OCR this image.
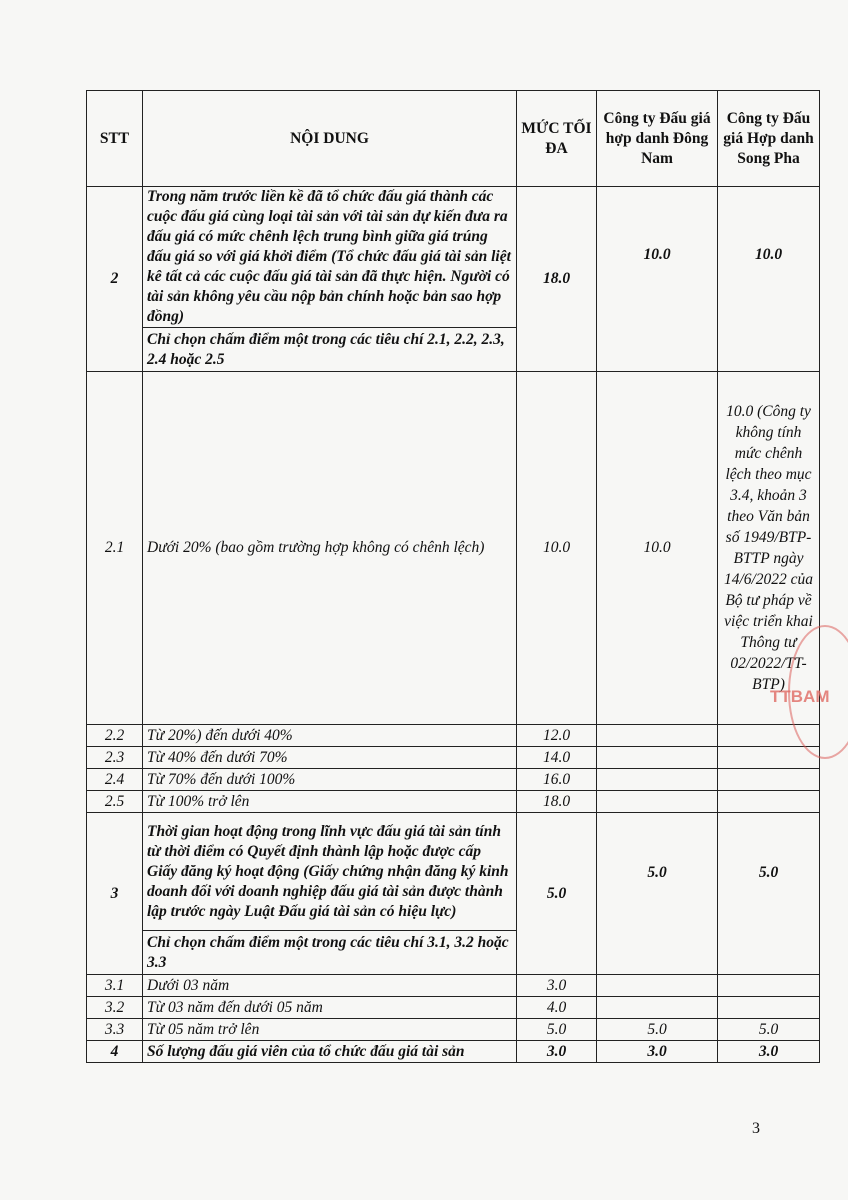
STT	NỘI DUNG	MỨC TỐI ĐA	Công ty Đấu giá hợp danh Đông Nam	Công ty Đấu giá Hợp danh Song Pha
2	Trong năm trước liền kề đã tổ chức đấu giá thành các cuộc đấu giá cùng loại tài sản với tài sản dự kiến đưa ra đấu giá có mức chênh lệch trung bình giữa giá trúng đấu giá so với giá khởi điểm (Tổ chức đấu giá tài sản liệt kê tất cả các cuộc đấu giá tài sản đã thực hiện. Người có tài sản không yêu cầu nộp bản chính hoặc bản sao hợp đồng)	18.0	10.0	10.0
	Chỉ chọn chấm điểm một trong các tiêu chí 2.1, 2.2, 2.3, 2.4 hoặc 2.5			
2.1	Dưới 20% (bao gồm trường hợp không có chênh lệch)	10.0	10.0	10.0 (Công ty không tính mức chênh lệch theo mục 3.4, khoản 3 theo Văn bản số 1949/BTP-BTTP ngày 14/6/2022 của Bộ tư pháp về việc triển khai Thông tư 02/2022/TT-BTP)
2.2	Từ 20%) đến dưới 40%	12.0		
2.3	Từ 40% đến dưới 70%	14.0		
2.4	Từ 70% đến dưới 100%	16.0		
2.5	Từ 100% trở lên	18.0		
3	Thời gian hoạt động trong lĩnh vực đấu giá tài sản tính từ thời điểm có Quyết định thành lập hoặc được cấp Giấy đăng ký hoạt động (Giấy chứng nhận đăng ký kinh doanh đối với doanh nghiệp đấu giá tài sản được thành lập trước ngày Luật Đấu giá tài sản có hiệu lực)	5.0	5.0	5.0
	Chỉ chọn chấm điểm một trong các tiêu chí 3.1, 3.2 hoặc 3.3			
3.1	Dưới 03 năm	3.0		
3.2	Từ 03 năm đến dưới 05 năm	4.0		
3.3	Từ 05 năm trở lên	5.0	5.0	5.0
4	Số lượng đấu giá viên của tổ chức đấu giá tài sản	3.0	3.0	3.0
TTBAM
3
